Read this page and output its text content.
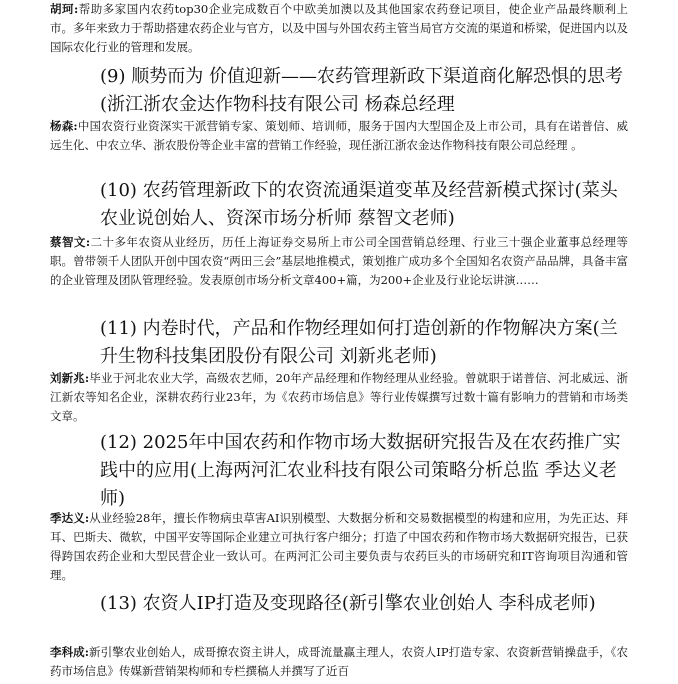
胡珂:帮助多家国内农药top30企业完成数百个中欧美加澳以及其他国家农药登记项目，使企业产品最终顺利上市。多年来致力于帮助搭建农药企业与官方，以及中国与外国农药主管当局官方交流的渠道和桥梁，促进国内以及国际农化行业的管理和发展。
(9) 顺势而为 价值迎新——农药管理新政下渠道商化解恐惧的思考(浙江浙农金达作物科技有限公司 杨森总经理
杨森:中国农资行业资深实干派营销专家、策划师、培训师，服务于国内大型国企及上市公司，具有在诺普信、威远生化、中农立华、浙农股份等企业丰富的营销工作经验，现任浙江浙农金达作物科技有限公司总经理 。
(10) 农药管理新政下的农资流通渠道变革及经营新模式探讨(菜头农业说创始人、资深市场分析师 蔡智文老师)
蔡智文:二十多年农资从业经历，历任上海证券交易所上市公司全国营销总经理、行业三十强企业董事总经理等职。曾带领千人团队开创中国农资“两田三会”基层地推模式，策划推广成功多个全国知名农资产品品牌，具备丰富的企业管理及团队管理经验。发表原创市场分析文章400+篇，为200+企业及行业论坛讲演……
(11) 内卷时代，产品和作物经理如何打造创新的作物解决方案(兰升生物科技集团股份有限公司 刘新兆老师)
刘新兆:毕业于河北农业大学，高级农艺师，20年产品经理和作物经理从业经验。曾就职于诺普信、河北威远、浙江新农等知名企业，深耕农药行业23年，为《农药市场信息》等行业传媒撰写过数十篇有影响力的营销和市场类文章。
(12) 2025年中国农药和作物市场大数据研究报告及在农药推广实践中的应用(上海两河汇农业科技有限公司策略分析总监 季达义老师)
季达义:从业经验28年，擅长作物病虫草害AI识别模型、大数据分析和交易数据模型的构建和应用，为先正达、拜耳、巴斯夫、微软，中国平安等国际企业建立可执行客户细分；打造了中国农药和作物市场大数据研究报告，已获得跨国农药企业和大型民营企业一致认可。在两河汇公司主要负责与农药巨头的市场研究和IT咨询项目沟通和管理。
(13) 农资人IP打造及变现路径(新引擎农业创始人 李科成老师)
李科成:新引擎农业创始人，成哥撩农资主讲人，成哥流量赢主理人，农资人IP打造专家、农资新营销操盘手，《农药市场信息》传媒新营销架构师和专栏撰稿人并撰写了近百
